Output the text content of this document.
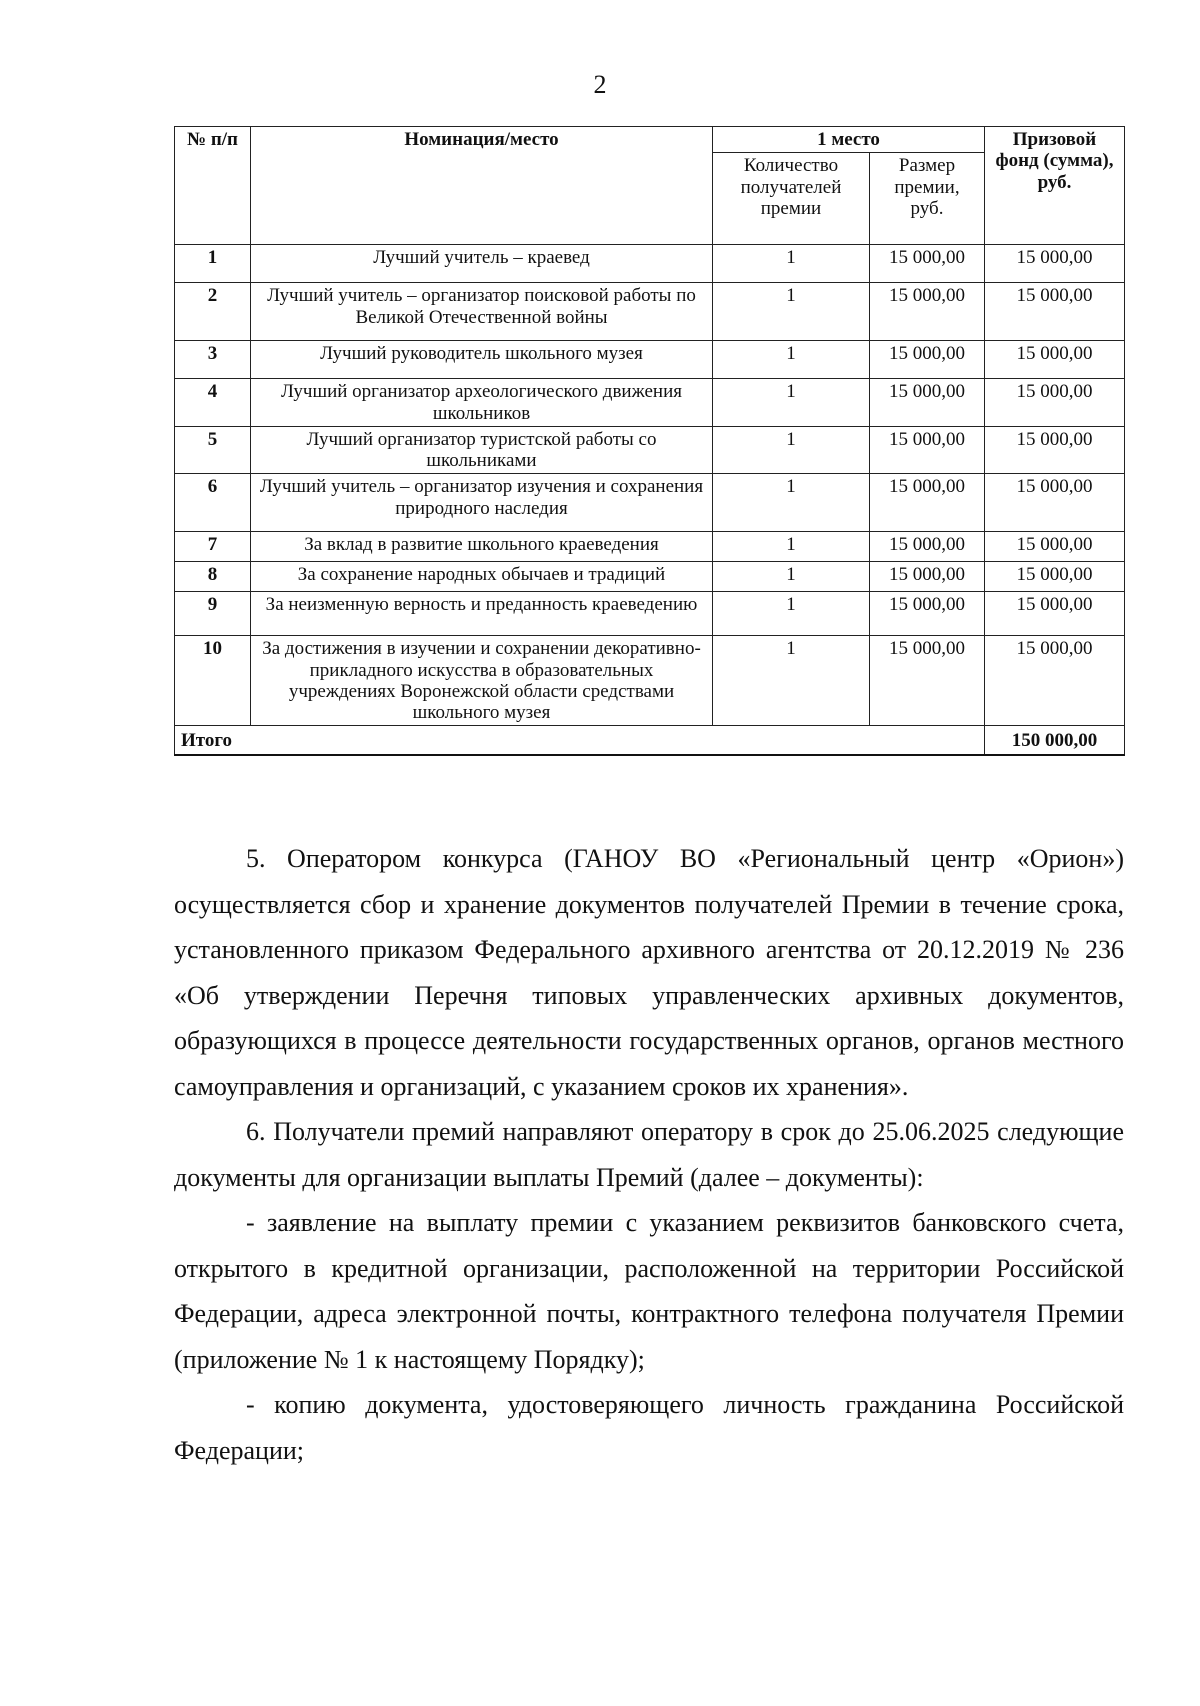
2
№ п/п	Номинация/место	1 место		Призовой фонд (сумма), руб.
		Количество получателей премии	Размер премии, руб.	
1	Лучший учитель – краевед	1	15 000,00	15 000,00
2	Лучший учитель – организатор поисковой работы по Великой Отечественной войны	1	15 000,00	15 000,00
3	Лучший руководитель школьного музея	1	15 000,00	15 000,00
4	Лучший организатор археологического движения школьников	1	15 000,00	15 000,00
5	Лучший организатор туристской работы со школьниками	1	15 000,00	15 000,00
6	Лучший учитель – организатор изучения и сохранения природного наследия	1	15 000,00	15 000,00
7	За вклад в развитие школьного краеведения	1	15 000,00	15 000,00
8	За сохранение народных обычаев и традиций	1	15 000,00	15 000,00
9	За неизменную верность и преданность краеведению	1	15 000,00	15 000,00
10	За достижения в изучении и сохранении декоративно-прикладного искусства в образовательных учреждениях Воронежской области средствами школьного музея	1	15 000,00	15 000,00
Итого				150 000,00

5. Оператором конкурса (ГАНОУ ВО «Региональный центр «Орион») осуществляется сбор и хранение документов получателей Премии в течение срока, установленного приказом Федерального архивного агентства от 20.12.2019 № 236 «Об утверждении Перечня типовых управленческих архивных документов, образующихся в процессе деятельности государственных органов, органов местного самоуправления и организаций, с указанием сроков их хранения».

6. Получатели премий направляют оператору в срок до 25.06.2025 следующие документы для организации выплаты Премий (далее – документы):

- заявление на выплату премии с указанием реквизитов банковского счета, открытого в кредитной организации, расположенной на территории Российской Федерации, адреса электронной почты, контрактного телефона получателя Премии (приложение № 1 к настоящему Порядку);

- копию документа, удостоверяющего личность гражданина Российской Федерации;
